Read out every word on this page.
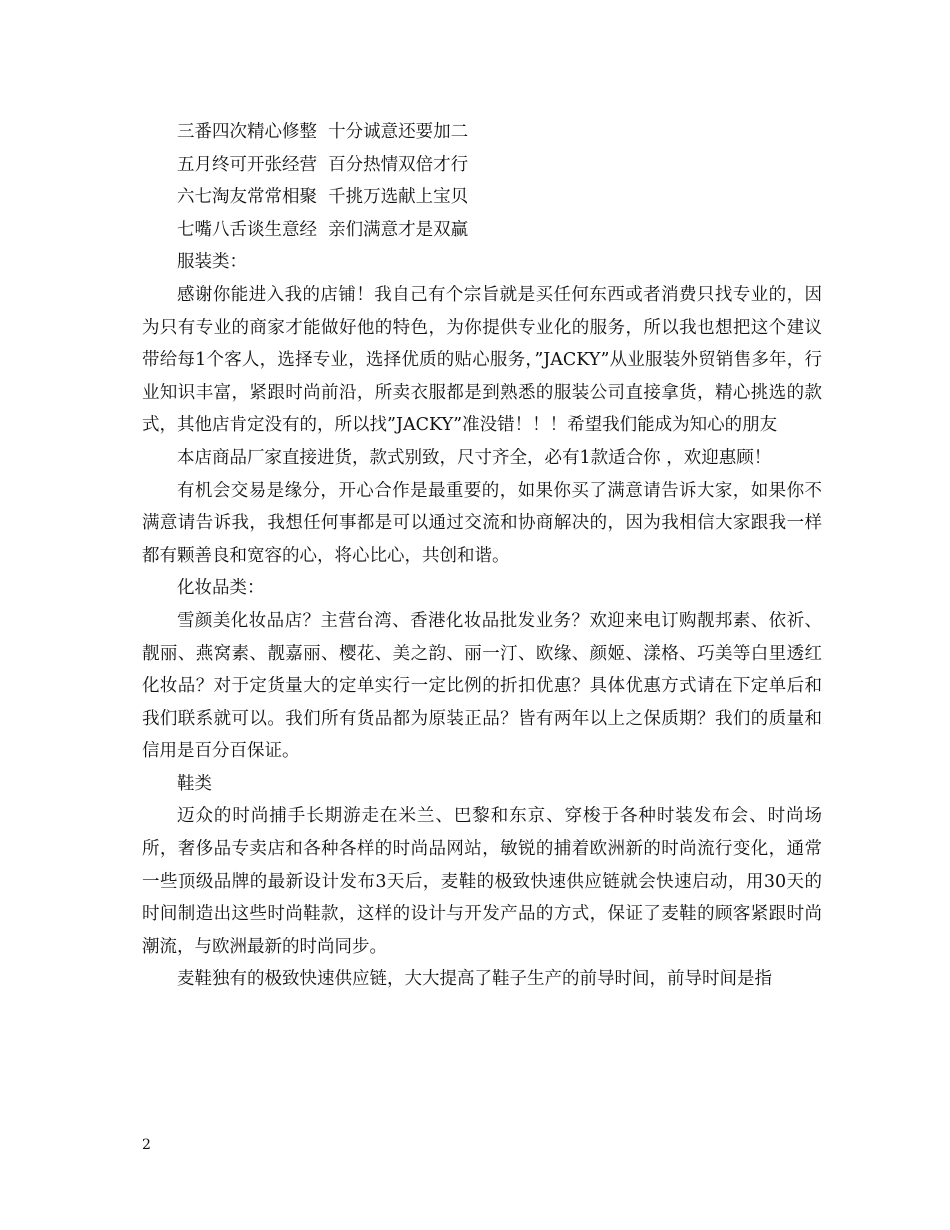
三番四次精心修整  十分诚意还要加二

五月终可开张经营  百分热情双倍才行

六七淘友常常相聚  千挑万选献上宝贝

七嘴八舌谈生意经  亲们满意才是双赢

服装类：

感谢你能进入我的店铺！我自己有个宗旨就是买任何东西或者消费只找专业的，因为只有专业的商家才能做好他的特色，为你提供专业化的服务，所以我也想把这个建议带给每1个客人，选择专业，选择优质的贴心服务，”JACKY”从业服装外贸销售多年，行业知识丰富，紧跟时尚前沿，所卖衣服都是到熟悉的服装公司直接拿货，精心挑选的款式，其他店肯定没有的，所以找”JACKY”准没错！！！希望我们能成为知心的朋友

本店商品厂家直接进货，款式别致，尺寸齐全，必有1款适合你 ，欢迎惠顾！

有机会交易是缘分，开心合作是最重要的，如果你买了满意请告诉大家，如果你不满意请告诉我，我想任何事都是可以通过交流和协商解决的，因为我相信大家跟我一样都有颗善良和宽容的心，将心比心，共创和谐。

化妆品类：

雪颜美化妆品店？主营台湾、香港化妆品批发业务？欢迎来电订购靓邦素、依祈、靓丽、燕窝素、靓嘉丽、樱花、美之韵、丽一汀、欧缘、颜姬、漾格、巧美等白里透红化妆品？对于定货量大的定单实行一定比例的折扣优惠？具体优惠方式请在下定单后和我们联系就可以。我们所有货品都为原装正品？皆有两年以上之保质期？我们的质量和信用是百分百保证。

鞋类

迈众的时尚捕手长期游走在米兰、巴黎和东京、穿梭于各种时装发布会、时尚场所，奢侈品专卖店和各种各样的时尚品网站，敏锐的捕着欧洲新的时尚流行变化，通常一些顶级品牌的最新设计发布3天后，麦鞋的极致快速供应链就会快速启动，用30天的时间制造出这些时尚鞋款，这样的设计与开发产品的方式，保证了麦鞋的顾客紧跟时尚潮流，与欧洲最新的时尚同步。

麦鞋独有的极致快速供应链，大大提高了鞋子生产的前导时间，前导时间是指

2
